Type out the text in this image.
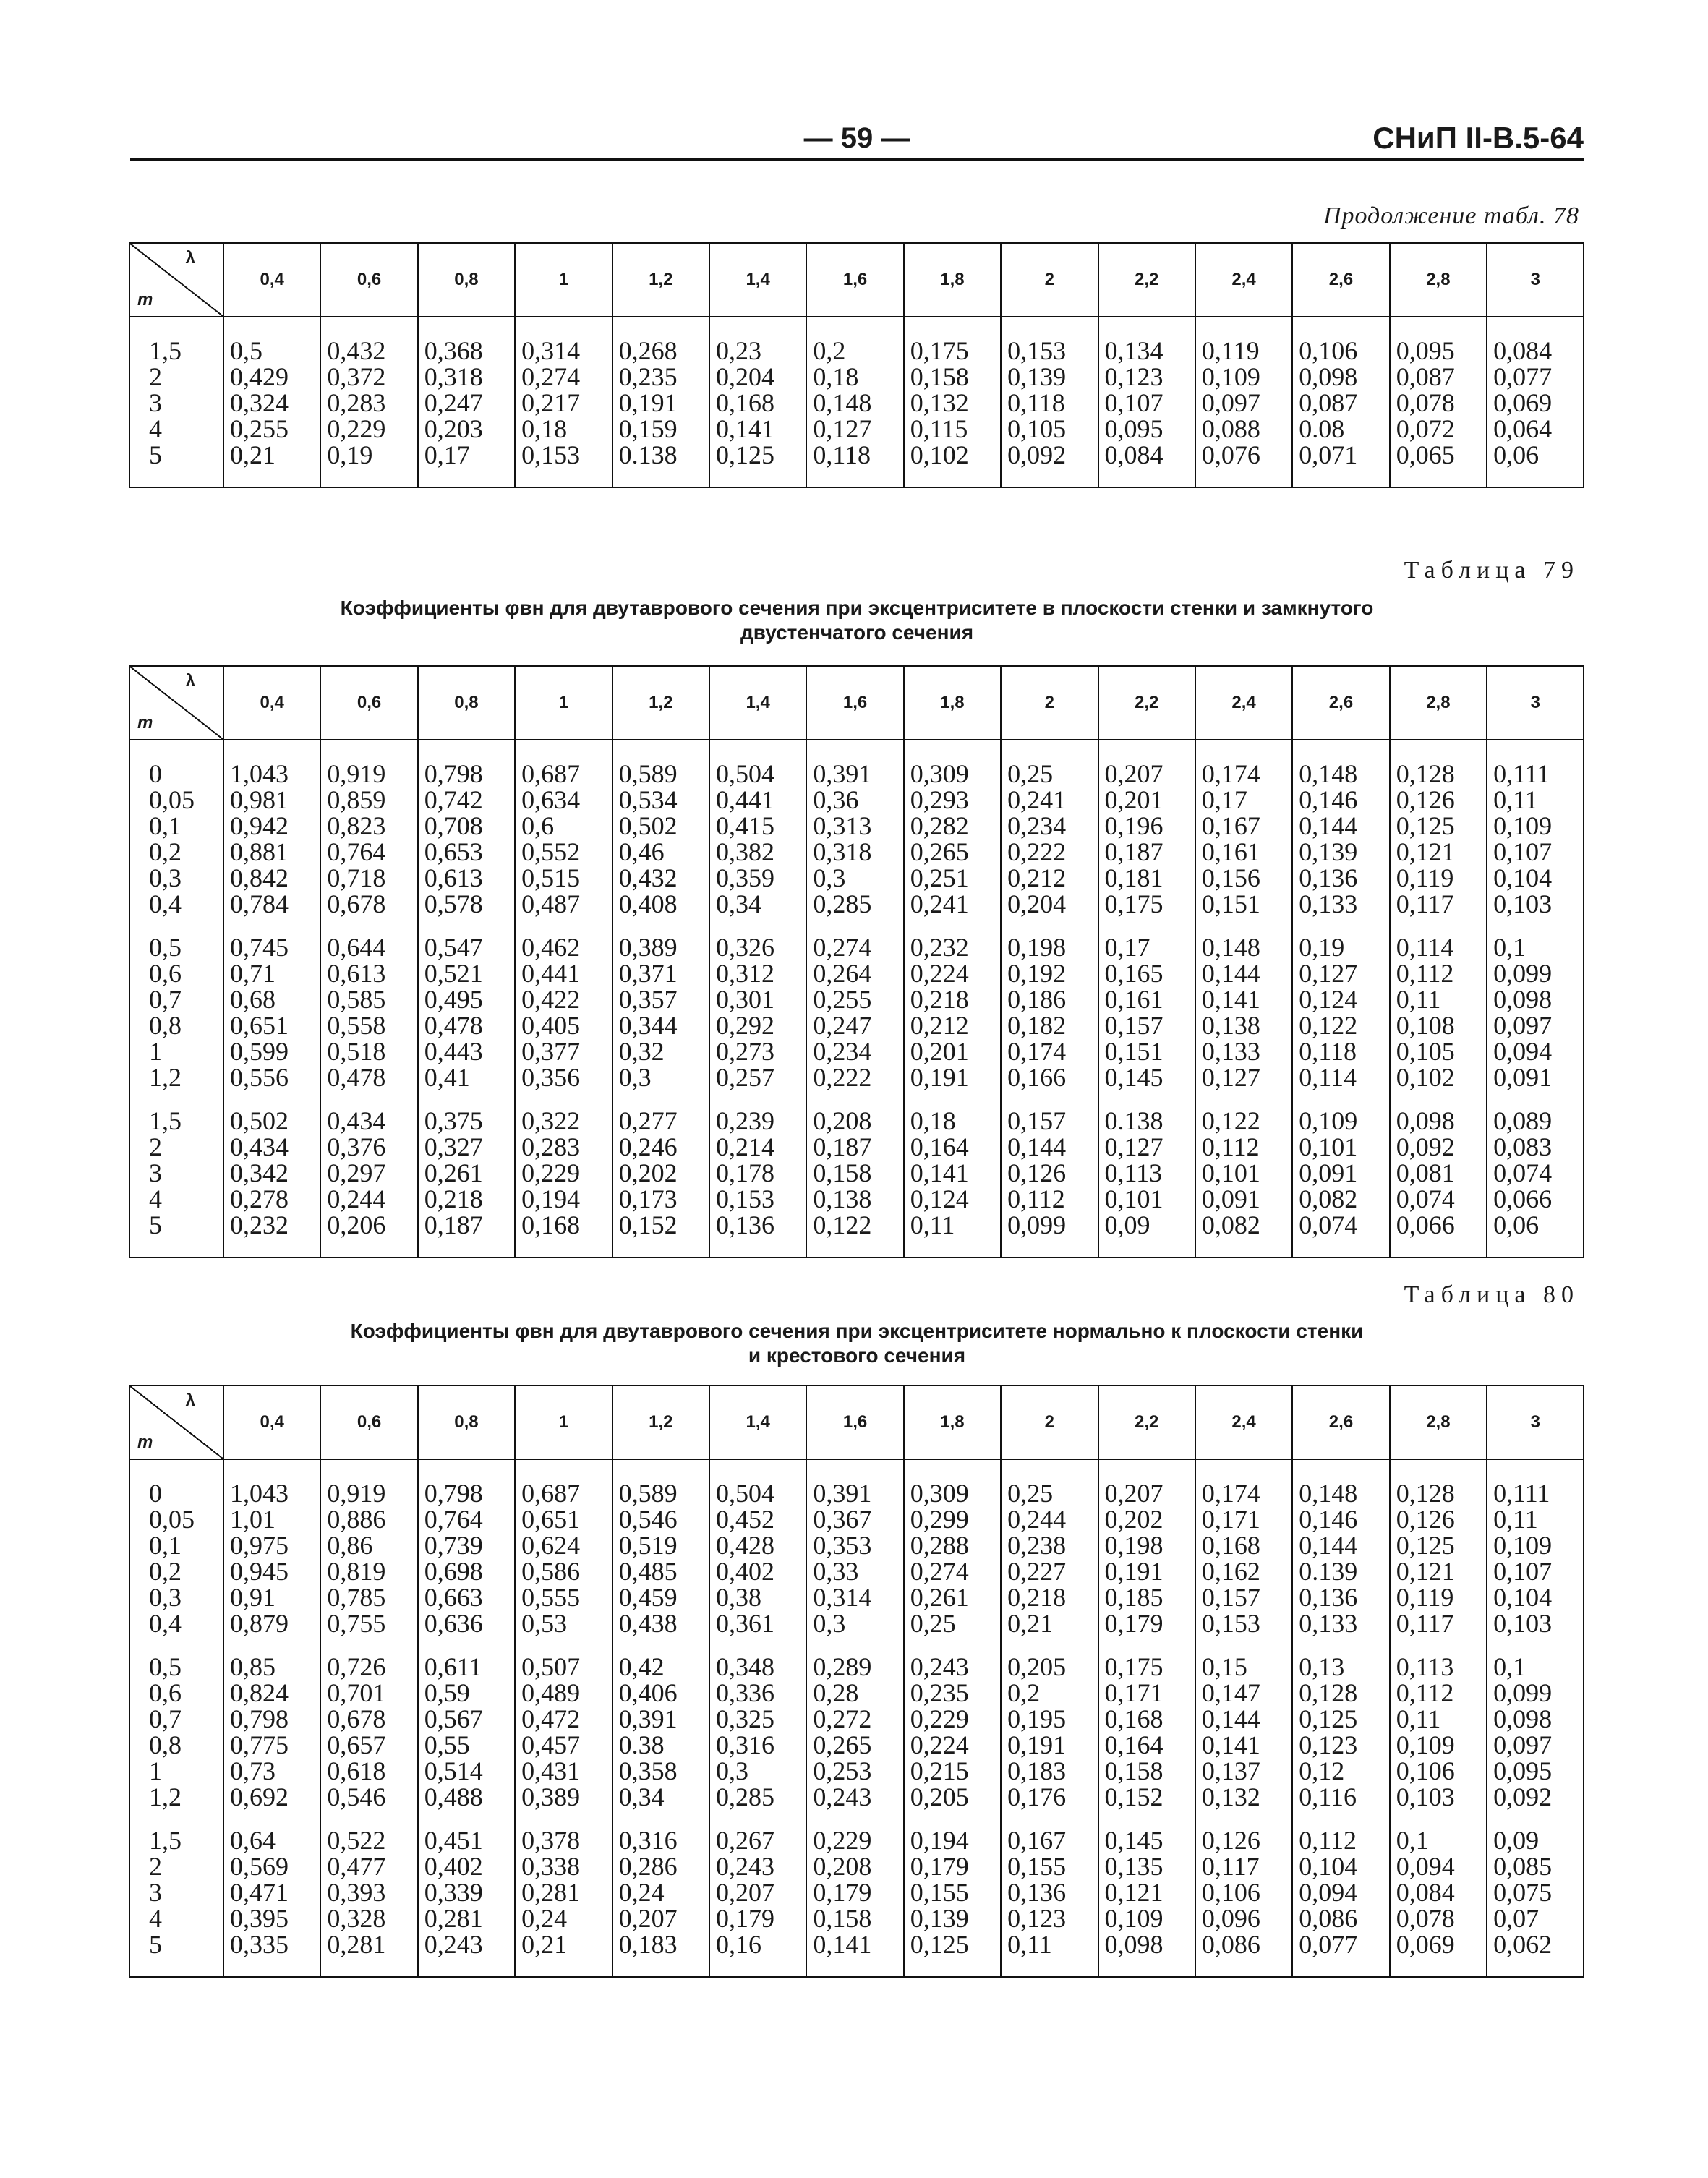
— 59 —	СНиП II-В.5-64
Продолжение табл. 78
λ
m	0,4	0,6	0,8	1	1,2	1,4	1,6	1,8	2	2,2	2,4	2,6	2,8	3

1,5	0,5	0,432	0,368	0,314	0,268	0,23	0,2	0,175	0,153	0,134	0,119	0,106	0,095	0,084
2	0,429	0,372	0,318	0,274	0,235	0,204	0,18	0,158	0,139	0,123	0,109	0,098	0,087	0,077
3	0,324	0,283	0,247	0,217	0,191	0,168	0,148	0,132	0,118	0,107	0,097	0,087	0,078	0,069
4	0,255	0,229	0,203	0,18	0,159	0,141	0,127	0,115	0,105	0,095	0,088	0.08	0,072	0,064
5	0,21	0,19	0,17	0,153	0.138	0,125	0,118	0,102	0,092	0,084	0,076	0,071	0,065	0,06

Таблица 79
Коэффициенты φвн для двутаврового сечения при эксцентриситете в плоскости стенки и замкнутого
двустенчатого сечения
λ
m	0,4	0,6	0,8	1	1,2	1,4	1,6	1,8	2	2,2	2,4	2,6	2,8	3

0	1,043	0,919	0,798	0,687	0,589	0,504	0,391	0,309	0,25	0,207	0,174	0,148	0,128	0,111
0,05	0,981	0,859	0,742	0,634	0,534	0,441	0,36	0,293	0,241	0,201	0,17	0,146	0,126	0,11
0,1	0,942	0,823	0,708	0,6	0,502	0,415	0,313	0,282	0,234	0,196	0,167	0,144	0,125	0,109
0,2	0,881	0,764	0,653	0,552	0,46	0,382	0,318	0,265	0,222	0,187	0,161	0,139	0,121	0,107
0,3	0,842	0,718	0,613	0,515	0,432	0,359	0,3	0,251	0,212	0,181	0,156	0,136	0,119	0,104
0,4	0,784	0,678	0,578	0,487	0,408	0,34	0,285	0,241	0,204	0,175	0,151	0,133	0,117	0,103

0,5	0,745	0,644	0,547	0,462	0,389	0,326	0,274	0,232	0,198	0,17	0,148	0,19	0,114	0,1
0,6	0,71	0,613	0,521	0,441	0,371	0,312	0,264	0,224	0,192	0,165	0,144	0,127	0,112	0,099
0,7	0,68	0,585	0,495	0,422	0,357	0,301	0,255	0,218	0,186	0,161	0,141	0,124	0,11	0,098
0,8	0,651	0,558	0,478	0,405	0,344	0,292	0,247	0,212	0,182	0,157	0,138	0,122	0,108	0,097
1	0,599	0,518	0,443	0,377	0,32	0,273	0,234	0,201	0,174	0,151	0,133	0,118	0,105	0,094
1,2	0,556	0,478	0,41	0,356	0,3	0,257	0,222	0,191	0,166	0,145	0,127	0,114	0,102	0,091

1,5	0,502	0,434	0,375	0,322	0,277	0,239	0,208	0,18	0,157	0.138	0,122	0,109	0,098	0,089
2	0,434	0,376	0,327	0,283	0,246	0,214	0,187	0,164	0,144	0,127	0,112	0,101	0,092	0,083
3	0,342	0,297	0,261	0,229	0,202	0,178	0,158	0,141	0,126	0,113	0,101	0,091	0,081	0,074
4	0,278	0,244	0,218	0,194	0,173	0,153	0,138	0,124	0,112	0,101	0,091	0,082	0,074	0,066
5	0,232	0,206	0,187	0,168	0,152	0,136	0,122	0,11	0,099	0,09	0,082	0,074	0,066	0,06

Таблица 80
Коэффициенты φвн для двутаврового сечения при эксцентриситете нормально к плоскости стенки
и крестового сечения
λ
m	0,4	0,6	0,8	1	1,2	1,4	1,6	1,8	2	2,2	2,4	2,6	2,8	3

0	1,043	0,919	0,798	0,687	0,589	0,504	0,391	0,309	0,25	0,207	0,174	0,148	0,128	0,111
0,05	1,01	0,886	0,764	0,651	0,546	0,452	0,367	0,299	0,244	0,202	0,171	0,146	0,126	0,11
0,1	0,975	0,86	0,739	0,624	0,519	0,428	0,353	0,288	0,238	0,198	0,168	0,144	0,125	0,109
0,2	0,945	0,819	0,698	0,586	0,485	0,402	0,33	0,274	0,227	0,191	0,162	0.139	0,121	0,107
0,3	0,91	0,785	0,663	0,555	0,459	0,38	0,314	0,261	0,218	0,185	0,157	0,136	0,119	0,104
0,4	0,879	0,755	0,636	0,53	0,438	0,361	0,3	0,25	0,21	0,179	0,153	0,133	0,117	0,103

0,5	0,85	0,726	0,611	0,507	0,42	0,348	0,289	0,243	0,205	0,175	0,15	0,13	0,113	0,1
0,6	0,824	0,701	0,59	0,489	0,406	0,336	0,28	0,235	0,2	0,171	0,147	0,128	0,112	0,099
0,7	0,798	0,678	0,567	0,472	0,391	0,325	0,272	0,229	0,195	0,168	0,144	0,125	0,11	0,098
0,8	0,775	0,657	0,55	0,457	0.38	0,316	0,265	0,224	0,191	0,164	0,141	0,123	0,109	0,097
1	0,73	0,618	0,514	0,431	0,358	0,3	0,253	0,215	0,183	0,158	0,137	0,12	0,106	0,095
1,2	0,692	0,546	0,488	0,389	0,34	0,285	0,243	0,205	0,176	0,152	0,132	0,116	0,103	0,092

1,5	0,64	0,522	0,451	0,378	0,316	0,267	0,229	0,194	0,167	0,145	0,126	0,112	0,1	0,09
2	0,569	0,477	0,402	0,338	0,286	0,243	0,208	0,179	0,155	0,135	0,117	0,104	0,094	0,085
3	0,471	0,393	0,339	0,281	0,24	0,207	0,179	0,155	0,136	0,121	0,106	0,094	0,084	0,075
4	0,395	0,328	0,281	0,24	0,207	0,179	0,158	0,139	0,123	0,109	0,096	0,086	0,078	0,07
5	0,335	0,281	0,243	0,21	0,183	0,16	0,141	0,125	0,11	0,098	0,086	0,077	0,069	0,062
